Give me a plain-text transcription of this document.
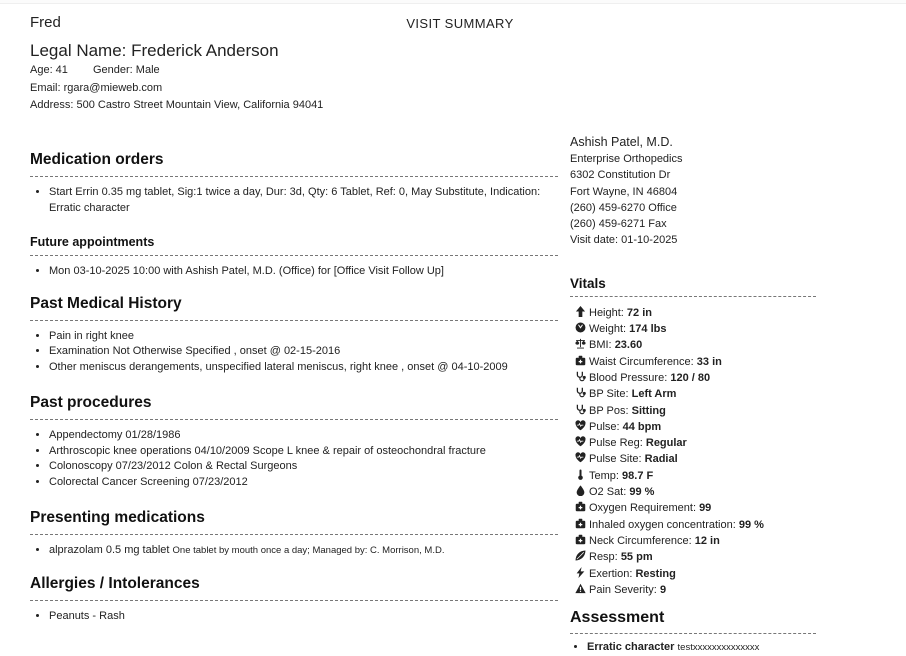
Fred	VISIT SUMMARY
Legal Name: Frederick Anderson
Age: 41 Gender: Male
Email: rgara@mieweb.com
Address: 500 Castro Street Mountain View, California 94041
Medication orders
• Start Errin 0.35 mg tablet, Sig:1 twice a day, Dur: 3d, Qty: 6 Tablet, Ref: 0, May Substitute, Indication: Erratic character
Future appointments
• Mon 03-10-2025 10:00 with Ashish Patel, M.D. (Office) for [Office Visit Follow Up]
Past Medical History
• Pain in right knee
• Examination Not Otherwise Specified , onset @ 02-15-2016
• Other meniscus derangements, unspecified lateral meniscus, right knee , onset @ 04-10-2009
Past procedures
• Appendectomy 01/28/1986
• Arthroscopic knee operations 04/10/2009 Scope L knee & repair of osteochondral fracture
• Colonoscopy 07/23/2012 Colon & Rectal Surgeons
• Colorectal Cancer Screening 07/23/2012
Presenting medications
• alprazolam 0.5 mg tablet One tablet by mouth once a day; Managed by: C. Morrison, M.D.
Allergies / Intolerances
• Peanuts - Rash
Ashish Patel, M.D.
Enterprise Orthopedics
6302 Constitution Dr
Fort Wayne, IN 46804
(260) 459-6270 Office
(260) 459-6271 Fax
Visit date: 01-10-2025
Vitals
Height: 72 in
Weight: 174 lbs
BMI: 23.60
Waist Circumference: 33 in
Blood Pressure: 120 / 80
BP Site: Left Arm
BP Pos: Sitting
Pulse: 44 bpm
Pulse Reg: Regular
Pulse Site: Radial
Temp: 98.7 F
O2 Sat: 99 %
Oxygen Requirement: 99
Inhaled oxygen concentration: 99 %
Neck Circumference: 12 in
Resp: 55 pm
Exertion: Resting
Pain Severity: 9
Assessment
• Erratic character testxxxxxxxxxxxxxx
